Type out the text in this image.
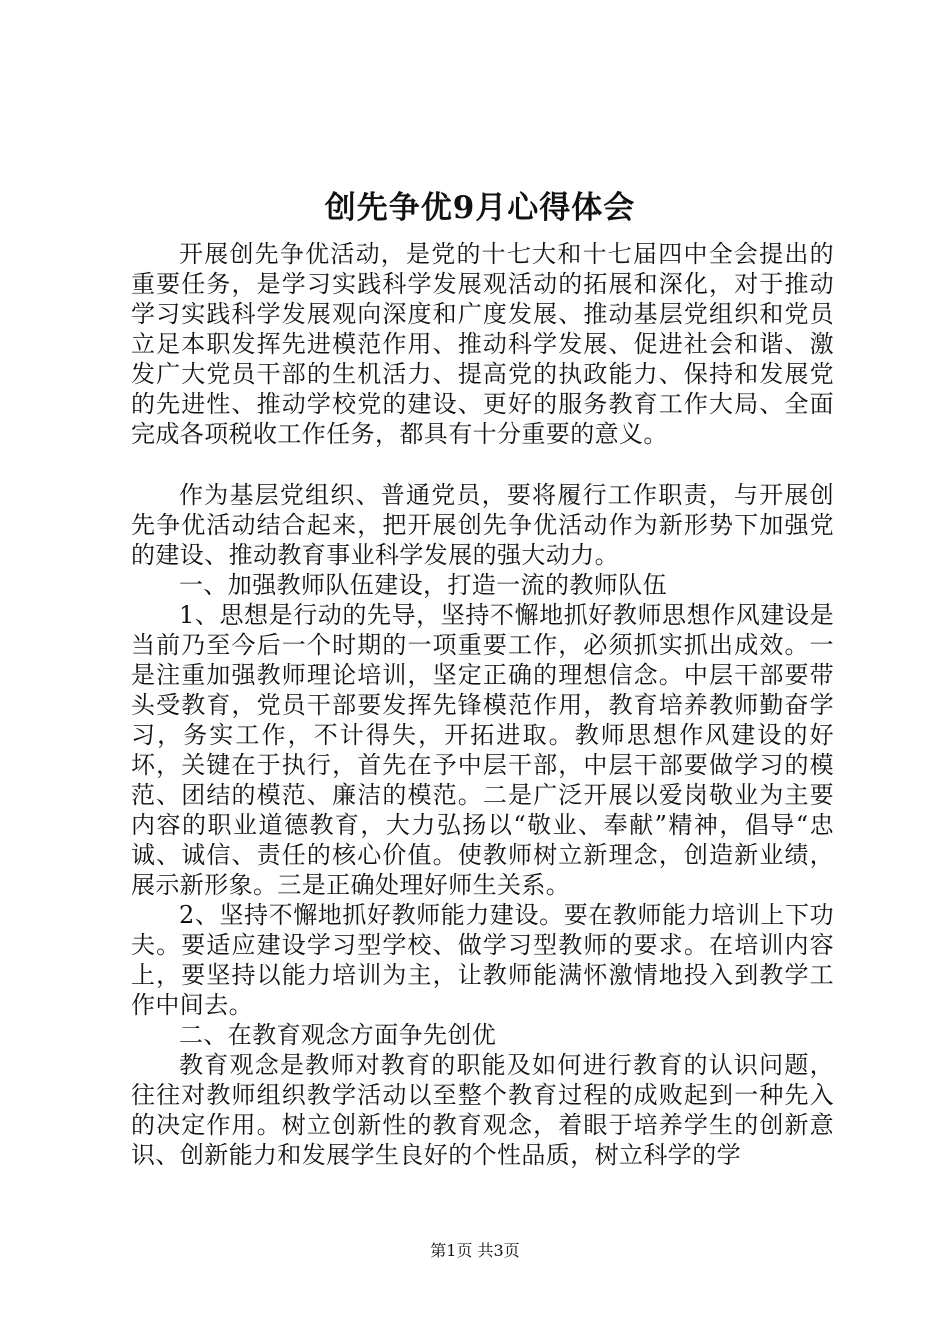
创先争优9月心得体会

开展创先争优活动，是党的十七大和十七届四中全会提出的重要任务，是学习实践科学发展观活动的拓展和深化，对于推动学习实践科学发展观向深度和广度发展、推动基层党组织和党员立足本职发挥先进模范作用、推动科学发展、促进社会和谐、激发广大党员干部的生机活力、提高党的执政能力、保持和发展党的先进性、推动学校党的建设、更好的服务教育工作大局、全面完成各项税收工作任务，都具有十分重要的意义。

作为基层党组织、普通党员，要将履行工作职责，与开展创先争优活动结合起来，把开展创先争优活动作为新形势下加强党的建设、推动教育事业科学发展的强大动力。

一、加强教师队伍建设，打造一流的教师队伍

1、思想是行动的先导，坚持不懈地抓好教师思想作风建设是当前乃至今后一个时期的一项重要工作，必须抓实抓出成效。一是注重加强教师理论培训，坚定正确的理想信念。中层干部要带头受教育，党员干部要发挥先锋模范作用，教育培养教师勤奋学习，务实工作，不计得失，开拓进取。教师思想作风建设的好坏，关键在于执行，首先在予中层干部，中层干部要做学习的模范、团结的模范、廉洁的模范。二是广泛开展以爱岗敬业为主要内容的职业道德教育，大力弘扬以“敬业、奉献”精神，倡导“忠诚、诚信、责任的核心价值。使教师树立新理念，创造新业绩，展示新形象。三是正确处理好师生关系。

2、坚持不懈地抓好教师能力建设。要在教师能力培训上下功夫。要适应建设学习型学校、做学习型教师的要求。在培训内容上，要坚持以能力培训为主，让教师能满怀激情地投入到教学工作中间去。

二、在教育观念方面争先创优

教育观念是教师对教育的职能及如何进行教育的认识问题，往往对教师组织教学活动以至整个教育过程的成败起到一种先入的决定作用。树立创新性的教育观念，着眼于培养学生的创新意识、创新能力和发展学生良好的个性品质，树立科学的学

第1页 共3页
